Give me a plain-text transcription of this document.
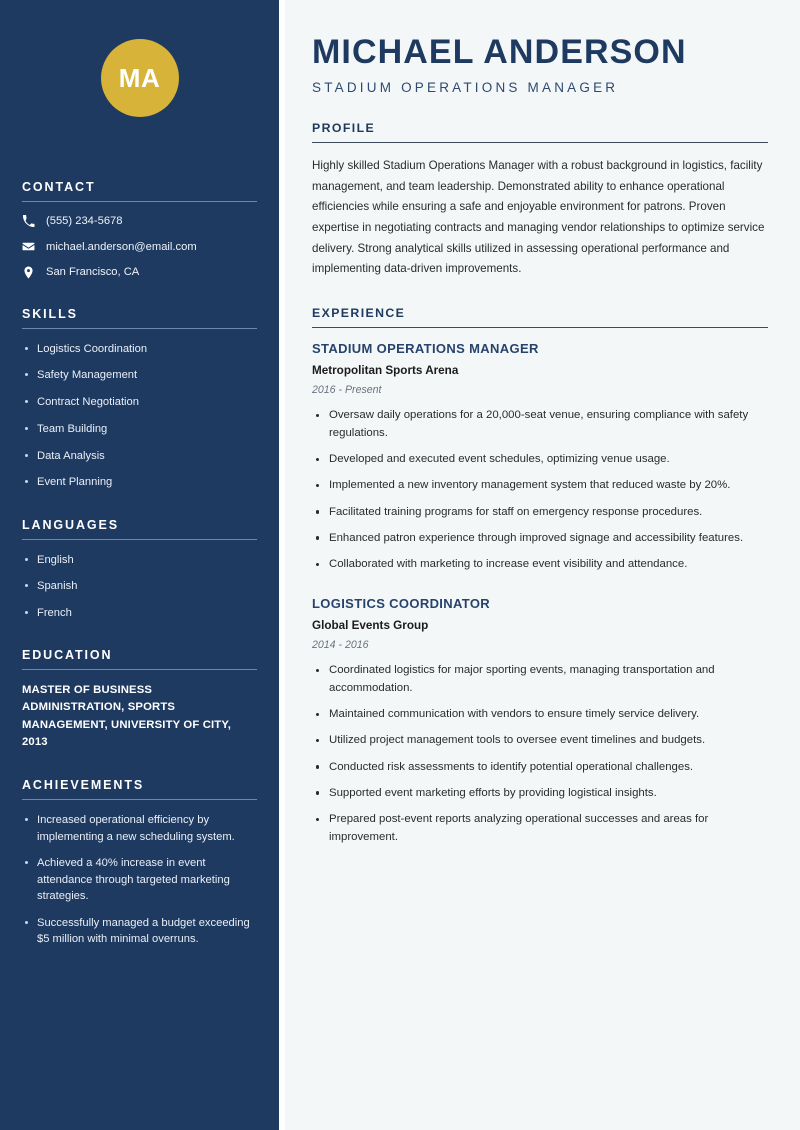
MA
CONTACT
(555) 234-5678
michael.anderson@email.com
San Francisco, CA
SKILLS
Logistics Coordination
Safety Management
Contract Negotiation
Team Building
Data Analysis
Event Planning
LANGUAGES
English
Spanish
French
EDUCATION
MASTER OF BUSINESS ADMINISTRATION, SPORTS MANAGEMENT, UNIVERSITY OF CITY, 2013
ACHIEVEMENTS
Increased operational efficiency by implementing a new scheduling system.
Achieved a 40% increase in event attendance through targeted marketing strategies.
Successfully managed a budget exceeding $5 million with minimal overruns.
MICHAEL ANDERSON
STADIUM OPERATIONS MANAGER
PROFILE

Highly skilled Stadium Operations Manager with a robust background in logistics, facility management, and team leadership. Demonstrated ability to enhance operational efficiencies while ensuring a safe and enjoyable environment for patrons. Proven expertise in negotiating contracts and managing vendor relationships to optimize service delivery. Strong analytical skills utilized in assessing operational performance and implementing data-driven improvements.

EXPERIENCE
STADIUM OPERATIONS MANAGER
Metropolitan Sports Arena
2016 - Present
Oversaw daily operations for a 20,000-seat venue, ensuring compliance with safety regulations.
Developed and executed event schedules, optimizing venue usage.
Implemented a new inventory management system that reduced waste by 20%.
Facilitated training programs for staff on emergency response procedures.
Enhanced patron experience through improved signage and accessibility features.
Collaborated with marketing to increase event visibility and attendance.
LOGISTICS COORDINATOR
Global Events Group
2014 - 2016
Coordinated logistics for major sporting events, managing transportation and accommodation.
Maintained communication with vendors to ensure timely service delivery.
Utilized project management tools to oversee event timelines and budgets.
Conducted risk assessments to identify potential operational challenges.
Supported event marketing efforts by providing logistical insights.
Prepared post-event reports analyzing operational successes and areas for improvement.
